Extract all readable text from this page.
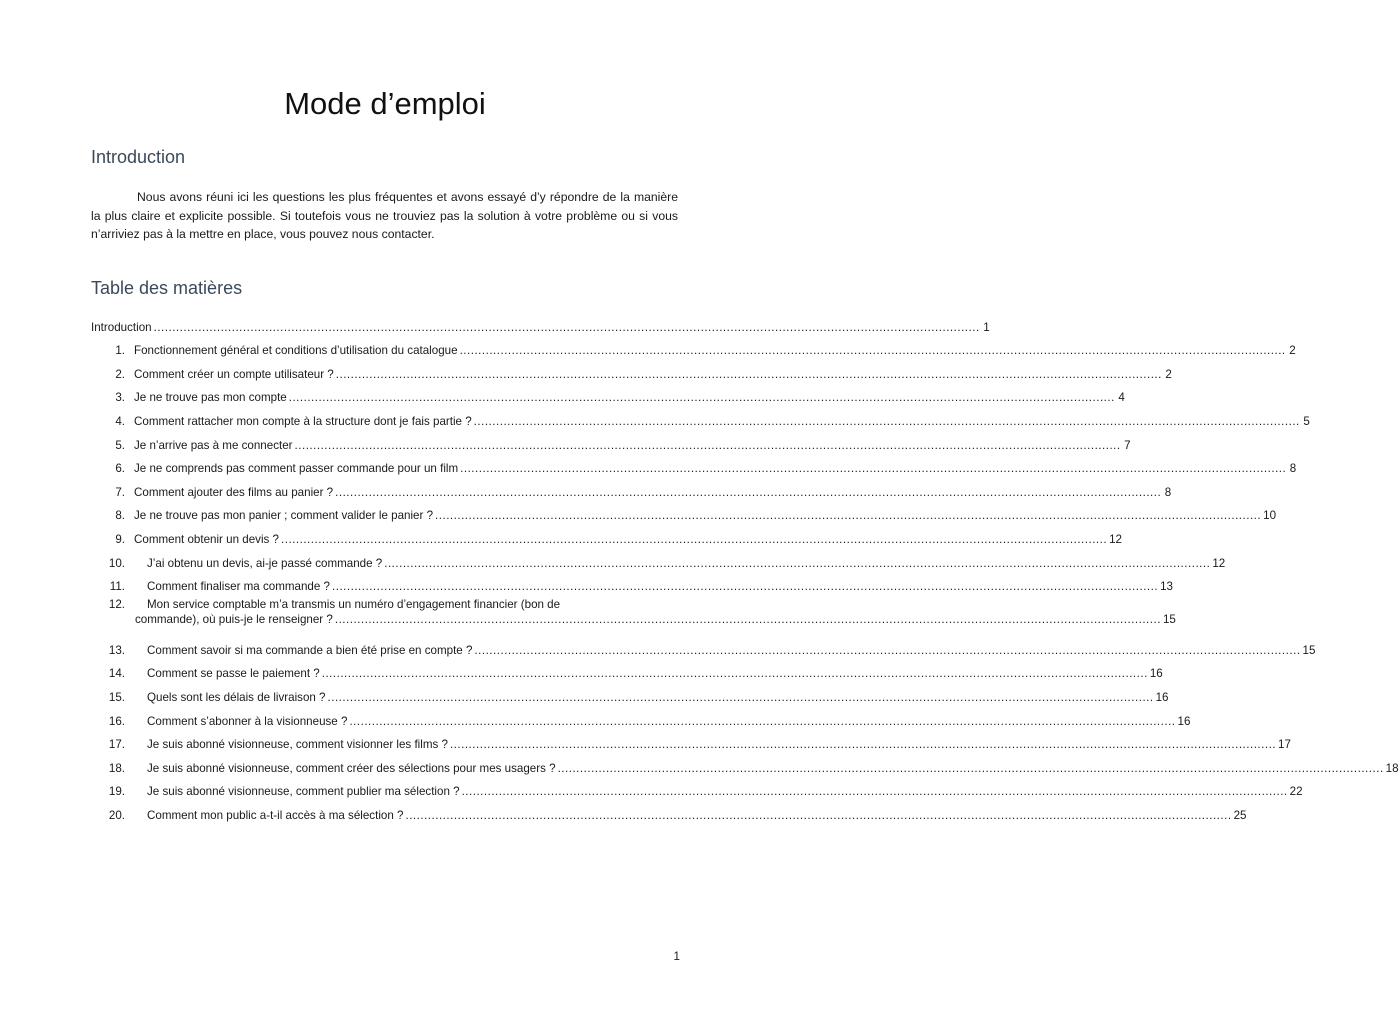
Mode d’emploi
Introduction

Nous avons réuni ici les questions les plus fréquentes et avons essayé d’y répondre de la manière la plus claire et explicite possible. Si toutefois vous ne trouviez pas la solution à votre problème ou si vous n’arriviez pas à la mettre en place, vous pouvez nous contacter.

Table des matières
Introduction .....	1
1. Fonctionnement général et conditions d’utilisation du catalogue .....	2
2. Comment créer un compte utilisateur ? .....	2
3. Je ne trouve pas mon compte .....	4
4. Comment rattacher mon compte à la structure dont je fais partie ? .....	5
5. Je n’arrive pas à me connecter .....	7
6. Je ne comprends pas comment passer commande pour un film .....	8
7. Comment ajouter des films au panier ? .....	8
8. Je ne trouve pas mon panier ; comment valider le panier ? .....	10
9. Comment obtenir un devis ? .....	12
10. J’ai obtenu un devis, ai-je passé commande ? .....	12
11. Comment finaliser ma commande ? .....	13
12. Mon service comptable m’a transmis un numéro d’engagement financier (bon de
commande), où puis-je le renseigner ? .....	15
13. Comment savoir si ma commande a bien été prise en compte ? .....	15
14. Comment se passe le paiement ? .....	16
15. Quels sont les délais de livraison ? .....	16
16. Comment s’abonner à la visionneuse ? .....	16
17. Je suis abonné visionneuse, comment visionner les films ? .....	17
18. Je suis abonné visionneuse, comment créer des sélections pour mes usagers ? .....	18
19. Je suis abonné visionneuse, comment publier ma sélection ? .....	22
20. Comment mon public a-t-il accès à ma sélection ? .....	25
1
